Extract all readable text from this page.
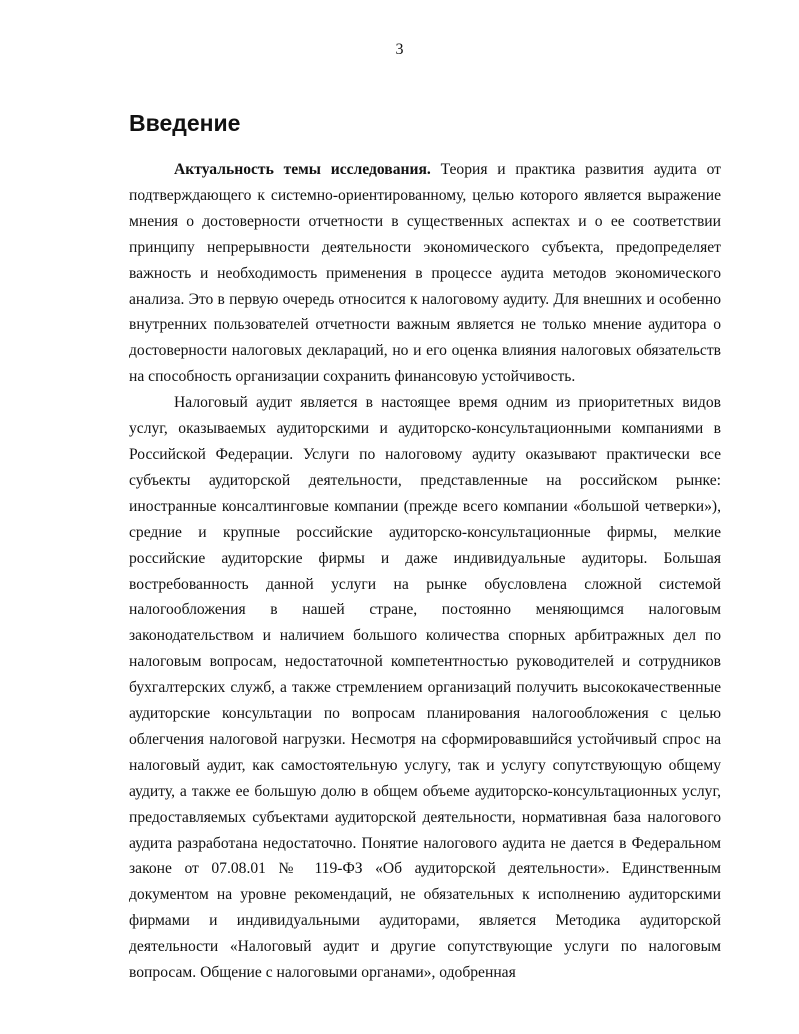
3
Введение

Актуальность темы исследования. Теория и практика развития аудита от подтверждающего к системно-ориентированному, целью которого является выражение мнения о достоверности отчетности в существенных аспектах и о ее соответствии принципу непрерывности деятельности экономического субъекта, предопределяет важность и необходимость применения в процессе аудита методов экономического анализа. Это в первую очередь относится к налоговому аудиту. Для внешних и особенно внутренних пользователей отчетности важным является не только мнение аудитора о достоверности налоговых деклараций, но и его оценка влияния налоговых обязательств на способность организации сохранить финансовую устойчивость.

Налоговый аудит является в настоящее время одним из приоритетных видов услуг, оказываемых аудиторскими и аудиторско-консультационными компаниями в Российской Федерации. Услуги по налоговому аудиту оказывают практически все субъекты аудиторской деятельности, представленные на российском рынке: иностранные консалтинговые компании (прежде всего компании «большой четверки»), средние и крупные российские аудиторско-консультационные фирмы, мелкие российские аудиторские фирмы и даже индивидуальные аудиторы. Большая востребованность данной услуги на рынке обусловлена сложной системой налогообложения в нашей стране, постоянно меняющимся налоговым законодательством и наличием большого количества спорных арбитражных дел по налоговым вопросам, недостаточной компетентностью руководителей и сотрудников бухгалтерских служб, а также стремлением организаций получить высококачественные аудиторские консультации по вопросам планирования налогообложения с целью облегчения налоговой нагрузки. Несмотря на сформировавшийся устойчивый спрос на налоговый аудит, как самостоятельную услугу, так и услугу сопутствующую общему аудиту, а также ее большую долю в общем объеме аудиторско-консультационных услуг, предоставляемых субъектами аудиторской деятельности, нормативная база налогового аудита разработана недостаточно. Понятие налогового аудита не дается в Федеральном законе от 07.08.01 № 119-ФЗ «Об аудиторской деятельности». Единственным документом на уровне рекомендаций, не обязательных к исполнению аудиторскими фирмами и индивидуальными аудиторами, является Методика аудиторской деятельности «Налоговый аудит и другие сопутствующие услуги по налоговым вопросам. Общение с налоговыми органами», одобренная
